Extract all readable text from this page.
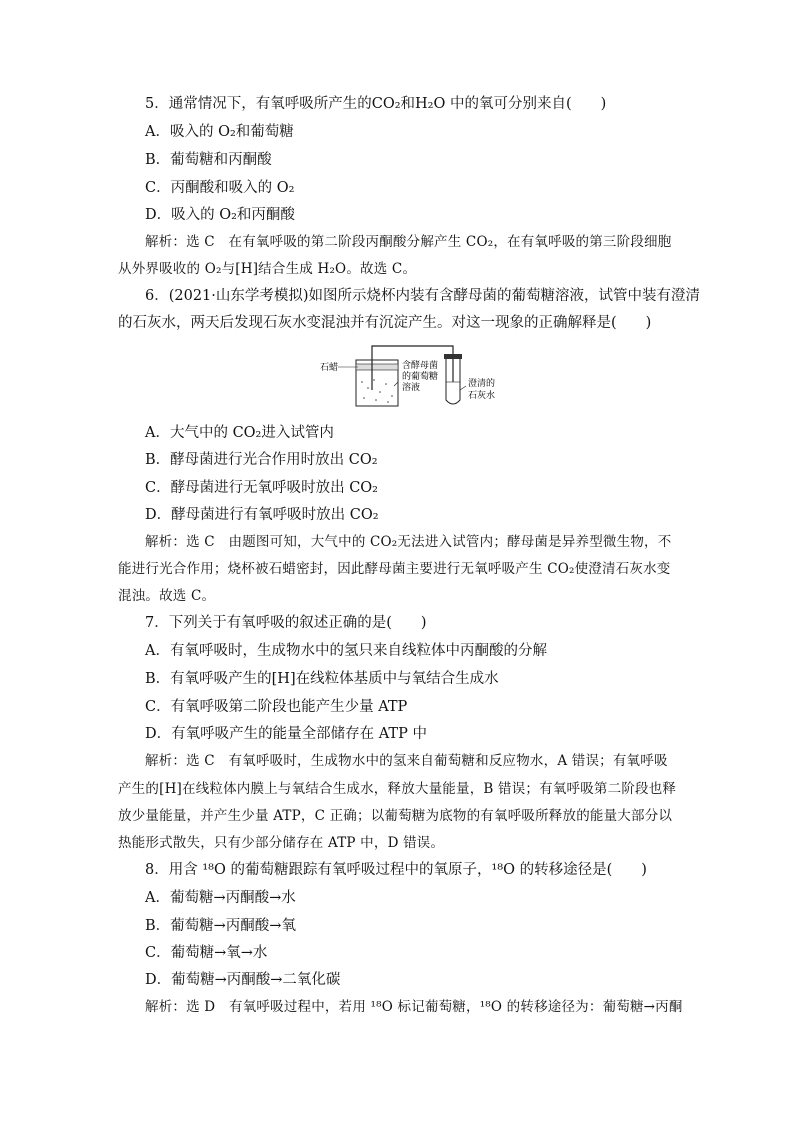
5．通常情况下，有氧呼吸所产生的CO₂和H₂O 中的氧可分别来自(　　)
A．吸入的 O₂和葡萄糖
B．葡萄糖和丙酮酸
C．丙酮酸和吸入的 O₂
D．吸入的 O₂和丙酮酸
解析：选 C　在有氧呼吸的第二阶段丙酮酸分解产生 CO₂，在有氧呼吸的第三阶段细胞
从外界吸收的 O₂与[H]结合生成 H₂O。故选 C。
6．(2021·山东学考模拟)如图所示烧杯内装有含酵母菌的葡萄糖溶液，试管中装有澄清
的石灰水，两天后发现石灰水变混浊并有沉淀产生。对这一现象的正确解释是(　　)
石蜡	含酵母菌
的葡萄糖
溶液	澄清的
石灰水
A．大气中的 CO₂进入试管内
B．酵母菌进行光合作用时放出 CO₂
C．酵母菌进行无氧呼吸时放出 CO₂
D．酵母菌进行有氧呼吸时放出 CO₂
解析：选 C　由题图可知，大气中的 CO₂无法进入试管内；酵母菌是异养型微生物，不
能进行光合作用；烧杯被石蜡密封，因此酵母菌主要进行无氧呼吸产生 CO₂使澄清石灰水变
混浊。故选 C。
7．下列关于有氧呼吸的叙述正确的是(　　)
A．有氧呼吸时，生成物水中的氢只来自线粒体中丙酮酸的分解
B．有氧呼吸产生的[H]在线粒体基质中与氧结合生成水
C．有氧呼吸第二阶段也能产生少量 ATP
D．有氧呼吸产生的能量全部储存在 ATP 中
解析：选 C　有氧呼吸时，生成物水中的氢来自葡萄糖和反应物水，A 错误；有氧呼吸
产生的[H]在线粒体内膜上与氧结合生成水，释放大量能量，B 错误；有氧呼吸第二阶段也释
放少量能量，并产生少量 ATP，C 正确；以葡萄糖为底物的有氧呼吸所释放的能量大部分以
热能形式散失，只有少部分储存在 ATP 中，D 错误。
8．用含 ¹⁸O 的葡萄糖跟踪有氧呼吸过程中的氧原子，¹⁸O 的转移途径是(　　)
A．葡萄糖→丙酮酸→水
B．葡萄糖→丙酮酸→氧
C．葡萄糖→氧→水
D．葡萄糖→丙酮酸→二氧化碳
解析：选 D　有氧呼吸过程中，若用 ¹⁸O 标记葡萄糖，¹⁸O 的转移途径为：葡萄糖→丙酮
